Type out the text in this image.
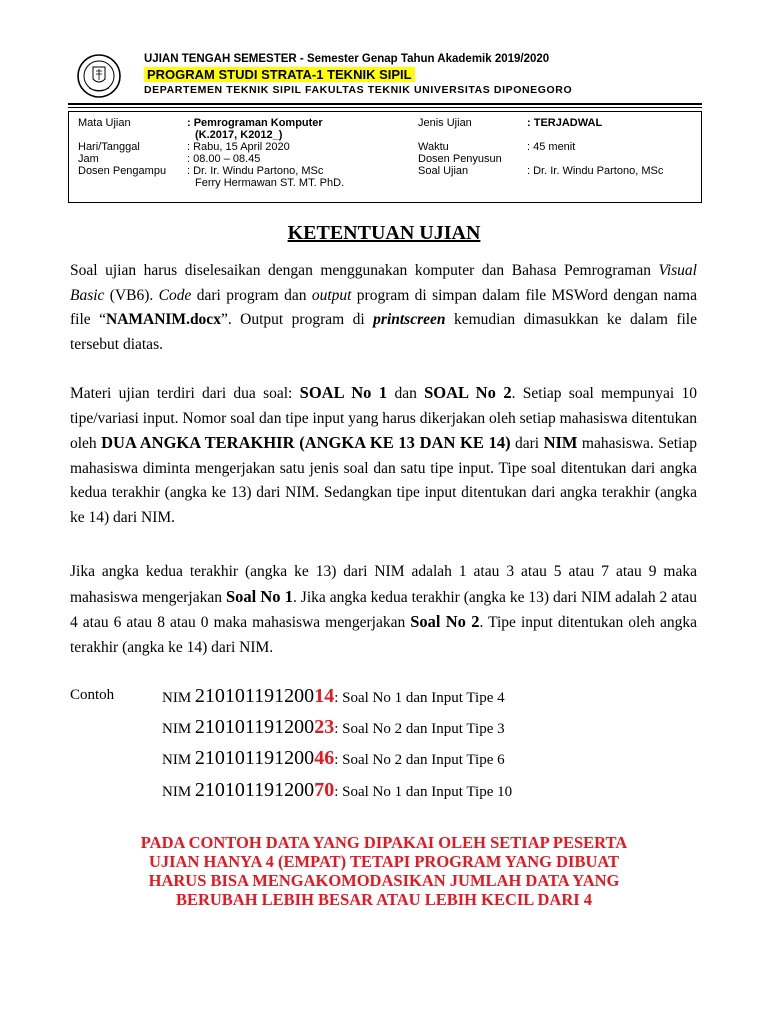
UJIAN TENGAH SEMESTER - Semester Genap Tahun Akademik 2019/2020
PROGRAM STUDI STRATA-1 TEKNIK SIPIL
DEPARTEMEN TEKNIK SIPIL FAKULTAS TEKNIK UNIVERSITAS DIPONEGORO
Mata Ujian	: Pemrograman Komputer
(K.2017, K2012_)
Hari/Tanggal	: Rabu, 15 April 2020
Jam	: 08.00 – 08.45
Dosen Pengampu : Dr. Ir. Windu Partono, MSc
Ferry Hermawan ST. MT. PhD.
Jenis Ujian	: TERJADWAL
Waktu	: 45 menit
Dosen Penyusun
Soal Ujian	: Dr. Ir. Windu Partono, MSc
KETENTUAN UJIAN
Soal ujian harus diselesaikan dengan menggunakan komputer dan Bahasa Pemrograman Visual Basic (VB6). Code dari program dan output program di simpan dalam file MSWord dengan nama file “NAMANIM.docx”. Output program di printscreen kemudian dimasukkan ke dalam file tersebut diatas.
Materi ujian terdiri dari dua soal: SOAL No 1 dan SOAL No 2. Setiap soal mempunyai 10 tipe/variasi input. Nomor soal dan tipe input yang harus dikerjakan oleh setiap mahasiswa ditentukan oleh DUA ANGKA TERAKHIR (ANGKA KE 13 DAN KE 14) dari NIM mahasiswa. Setiap mahasiswa diminta mengerjakan satu jenis soal dan satu tipe input. Tipe soal ditentukan dari angka kedua terakhir (angka ke 13) dari NIM. Sedangkan tipe input ditentukan dari angka terakhir (angka ke 14) dari NIM.
Jika angka kedua terakhir (angka ke 13) dari NIM adalah 1 atau 3 atau 5 atau 7 atau 9 maka mahasiswa mengerjakan Soal No 1. Jika angka kedua terakhir (angka ke 13) dari NIM adalah 2 atau 4 atau 6 atau 8 atau 0 maka mahasiswa mengerjakan Soal No 2. Tipe input ditentukan oleh angka terakhir (angka ke 14) dari NIM.
Contoh	NIM 21010119120014: Soal No 1 dan Input Tipe 4
NIM 21010119120023: Soal No 2 dan Input Tipe 3
NIM 21010119120046: Soal No 2 dan Input Tipe 6
NIM 21010119120070: Soal No 1 dan Input Tipe 10
PADA CONTOH DATA YANG DIPAKAI OLEH SETIAP PESERTA
UJIAN HANYA 4 (EMPAT) TETAPI PROGRAM YANG DIBUAT
HARUS BISA MENGAKOMODASIKAN JUMLAH DATA YANG
BERUBAH LEBIH BESAR ATAU LEBIH KECIL DARI 4
